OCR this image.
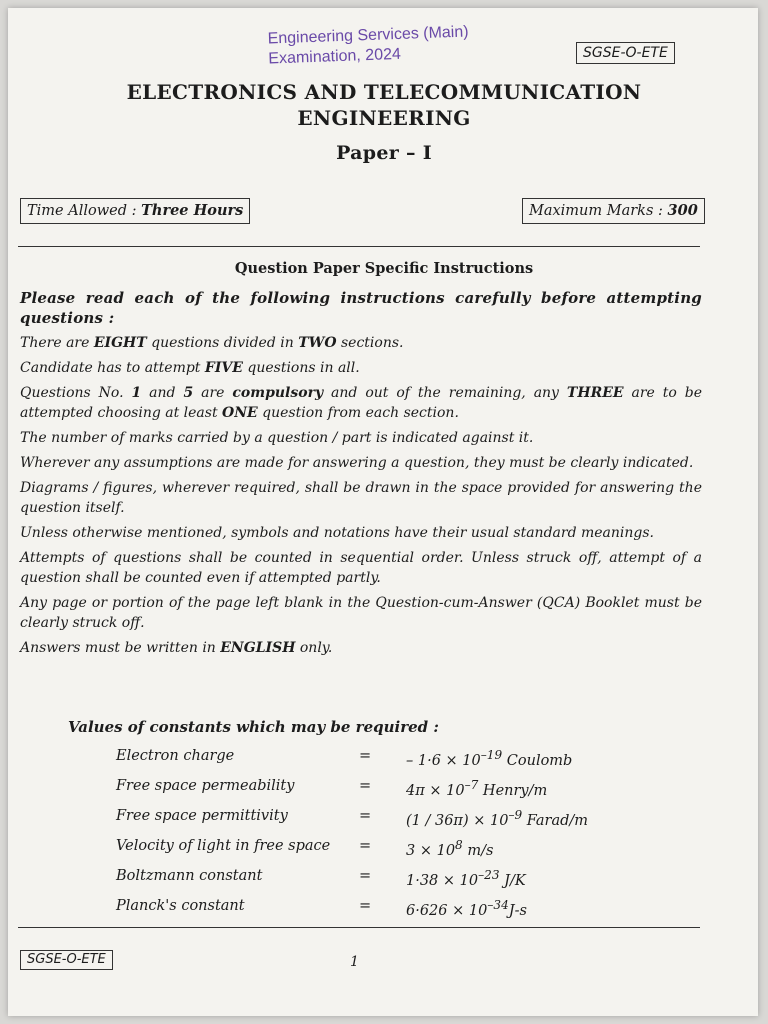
Engineering Services (Main)
Examination, 2024	SGSE-O-ETE
ELECTRONICS AND TELECOMMUNICATION
ENGINEERING
Paper – I
Time Allowed : Three Hours	Maximum Marks : 300
Question Paper Specific Instructions

Please read each of the following instructions carefully before attempting questions :

There are EIGHT questions divided in TWO sections.

Candidate has to attempt FIVE questions in all.

Questions No. 1 and 5 are compulsory and out of the remaining, any THREE are to be attempted choosing at least ONE question from each section.

The number of marks carried by a question / part is indicated against it.

Wherever any assumptions are made for answering a question, they must be clearly indicated.

Diagrams / figures, wherever required, shall be drawn in the space provided for answering the question itself.

Unless otherwise mentioned, symbols and notations have their usual standard meanings.

Attempts of questions shall be counted in sequential order. Unless struck off, attempt of a question shall be counted even if attempted partly.

Any page or portion of the page left blank in the Question-cum-Answer (QCA) Booklet must be clearly struck off.

Answers must be written in ENGLISH only.

Values of constants which may be required :
Electron charge	= – $1\cdot 6 \times 10^{-19}$ Coulomb
Free space permeability	= $4\pi \times 10^{-7}$ Henry/m
Free space permittivity	= $(1 / 36\pi) \times 10^{-9}$ Farad/m
Velocity of light in free space = $3 \times 10^8$ m/s
Boltzmann constant	= $1\cdot 38 \times 10^{-23}$ J/K
Planck's constant	= $6\cdot 626 \times 10^{-34}J-s$
SGSE-O-ETE	1
